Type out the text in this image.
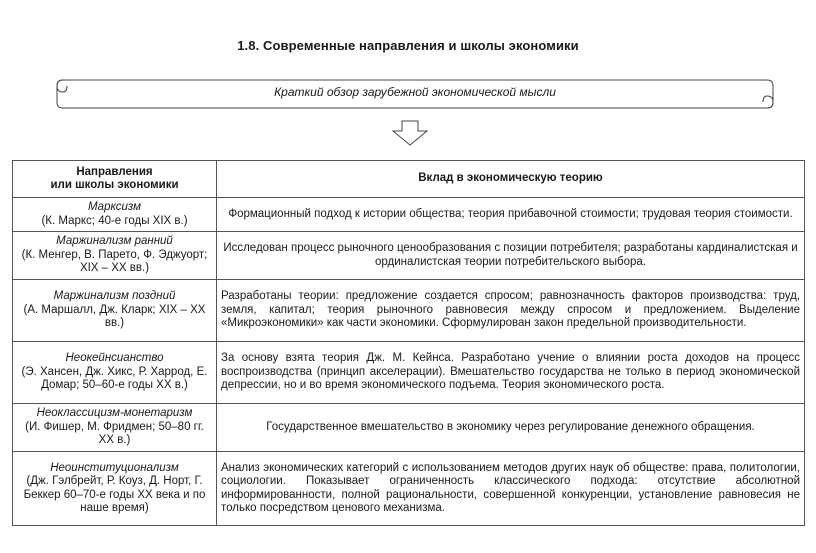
1.8. Современные направления и школы экономики
Краткий обзор зарубежной экономической мысли
Направления
или школы экономики	Вклад в экономическую теорию

Марксизм
(К. Маркс; 40-е годы XIX в.)	Формационный подход к истории общества; теория прибавочной стоимости; трудовая теория стоимости.

Маржинализм ранний
(К. Менгер, В. Парето, Ф. Эджуорт; XIX – XX вв.)	Исследован процесс рыночного ценообразования с позиции потребителя; разработаны кардиналистская и ординалистская теории потребительского выбора.

Маржинализм поздний
(А. Маршалл, Дж. Кларк; XIX – XX вв.)	Разработаны теории: предложение создается спросом; равнозначность факторов производства: труд, земля, капитал; теория рыночного равновесия между спросом и предложением. Выделение «Микроэкономики» как части экономики. Сформулирован закон предельной производительности.

Неокейнсианство
(Э. Хансен, Дж. Хикс, Р. Харрод, Е. Домар; 50–60-е годы XX в.)	За основу взята теория Дж. М. Кейнса. Разработано учение о влиянии роста доходов на процесс воспроизводства (принцип акселерации). Вмешательство государства не только в период экономической депрессии, но и во время экономического подъема. Теория экономического роста.

Неоклассицизм-монетаризм
(И. Фишер, М. Фридмен; 50–80 гг. XX в.)	Государственное вмешательство в экономику через регулирование денежного обращения.

Неоинституционализм
(Дж. Гэлбрейт, Р. Коуз, Д. Норт, Г. Беккер 60–70-е годы XX века и по наше время)	Анализ экономических категорий с использованием методов других наук об обществе: права, политологии, социологии. Показывает ограниченность классического подхода: отсутствие абсолютной информированности, полной рациональности, совершенной конкуренции, установление равновесия не только посредством ценового механизма.
